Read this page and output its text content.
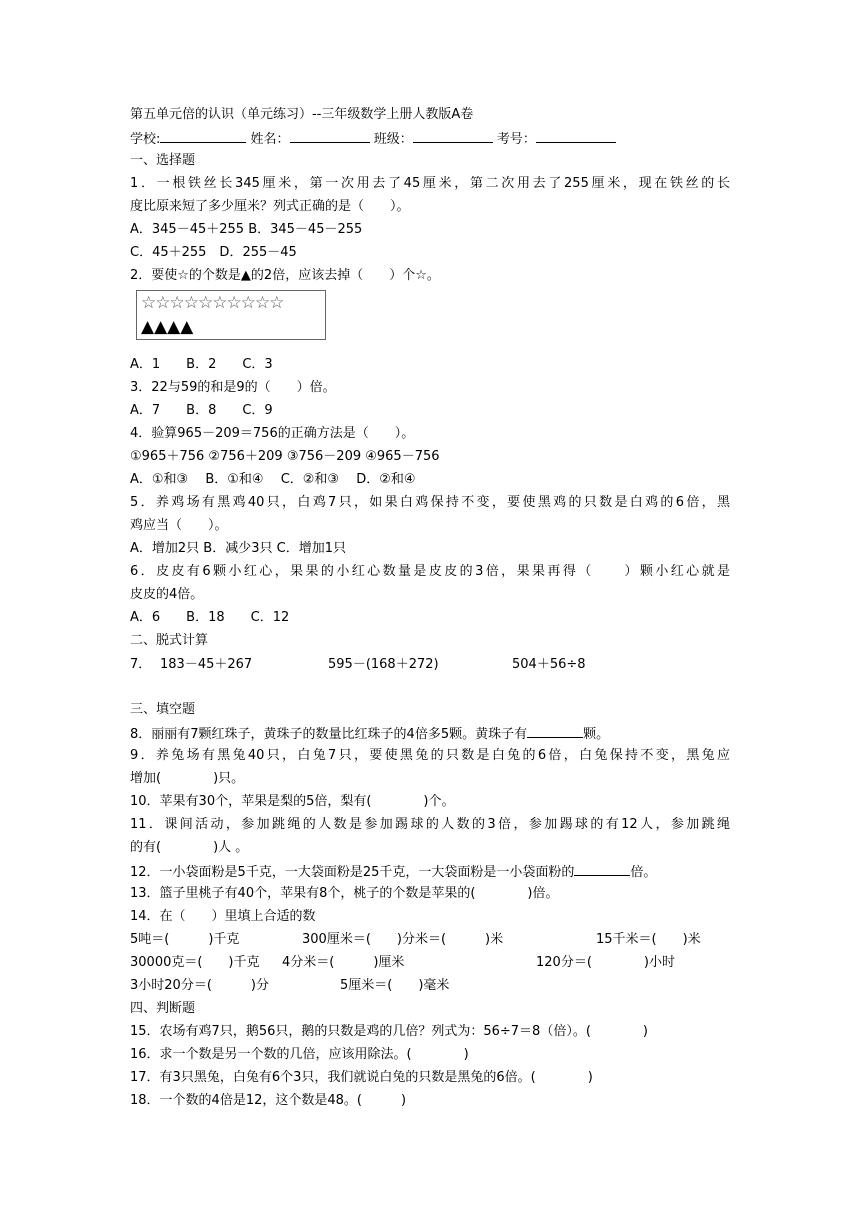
第五单元倍的认识（单元练习）--三年级数学上册人教版A卷
学校:	姓名：	班级：	考号：
一、选择题
1．一根铁丝长345厘米，第一次用去了45厘米，第二次用去了255厘米，现在铁丝的长
度比原来短了多少厘米？列式正确的是（　　）。
A．345－45＋255 B．345－45－255
C．45＋255　D．255－45
2．要使☆的个数是▲的2倍，应该去掉（　　）个☆。
☆☆☆☆☆☆☆☆☆☆
▲▲▲▲
A．1　　B．2　　C．3
3．22与59的和是9的（　　）倍。
A．7　　B．8　　C．9
4．验算965－209＝756的正确方法是（　　）。
①965＋756 ②756＋209 ③756－209 ④965－756
A．①和③　 B．①和④　 C．②和③　 D．②和④
5．养鸡场有黑鸡40只，白鸡7只，如果白鸡保持不变，要使黑鸡的只数是白鸡的6倍，黑
鸡应当（　　）。
A．增加2只 B．减少3只 C．增加1只
6．皮皮有6颗小红心，果果的小红心数量是皮皮的3倍，果果再得（　　）颗小红心就是
皮皮的4倍。
A．6　　B．18　　C．12
二、脱式计算
7． 183－45＋267	595－(168＋272)	504＋56÷8
三、填空题
8．丽丽有7颗红珠子，黄珠子的数量比红珠子的4倍多5颗。黄珠子有	颗。
9．养兔场有黑兔40只，白兔7只，要使黑兔的只数是白兔的6倍，白兔保持不变，黑兔应
增加(　　　　)只。
10．苹果有30个，苹果是梨的5倍，梨有(　　　　)个。
11．课间活动，参加跳绳的人数是参加踢球的人数的3倍，参加踢球的有12人，参加跳绳
的有(　　　　)人 。
12．一小袋面粉是5千克，一大袋面粉是25千克，一大袋面粉是一小袋面粉的	倍。
13．篮子里桃子有40个，苹果有8个，桃子的个数是苹果的(　　　　)倍。
14．在（　　）里填上合适的数
5吨＝(　　　)千克	300厘米＝(　　)分米＝(　　　)米	15千米＝(　　)米
30000克＝(　　)千克 4分米＝(　　　)厘米	120分＝(　　　　)小时
3小时20分＝(　　　)分	5厘米＝(　　)毫米
四、判断题
15．农场有鸡7只，鹅56只，鹅的只数是鸡的几倍？列式为：56÷7＝8（倍）。(　　　　)
16．求一个数是另一个数的几倍，应该用除法。(　　　　)
17．有3只黑兔，白兔有6个3只，我们就说白兔的只数是黑兔的6倍。(　　　　)
18．一个数的4倍是12，这个数是48。(　　　)
